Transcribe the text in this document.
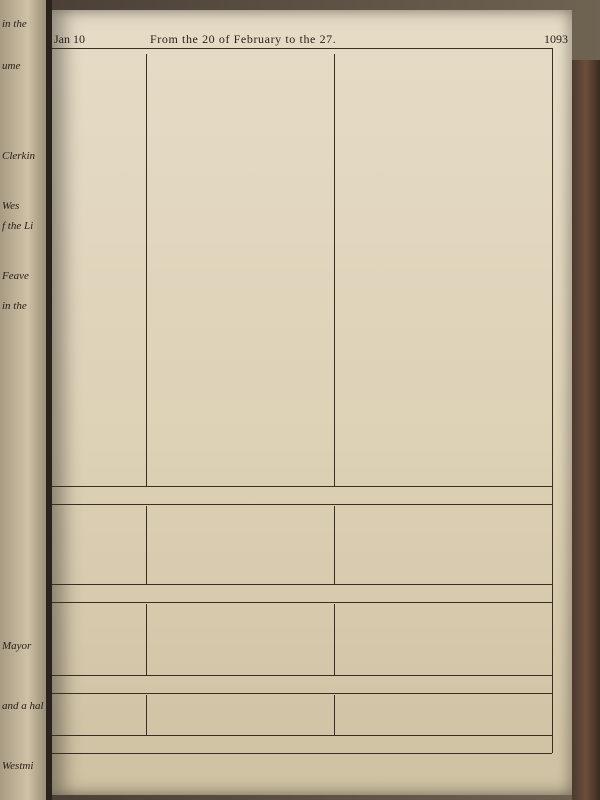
in the
ume
Clerkin
Wes
f the Li
Feave
in the
Mayor
and a hal
Westmi
Jan 10	From the 20 of February to the 27.	1093
